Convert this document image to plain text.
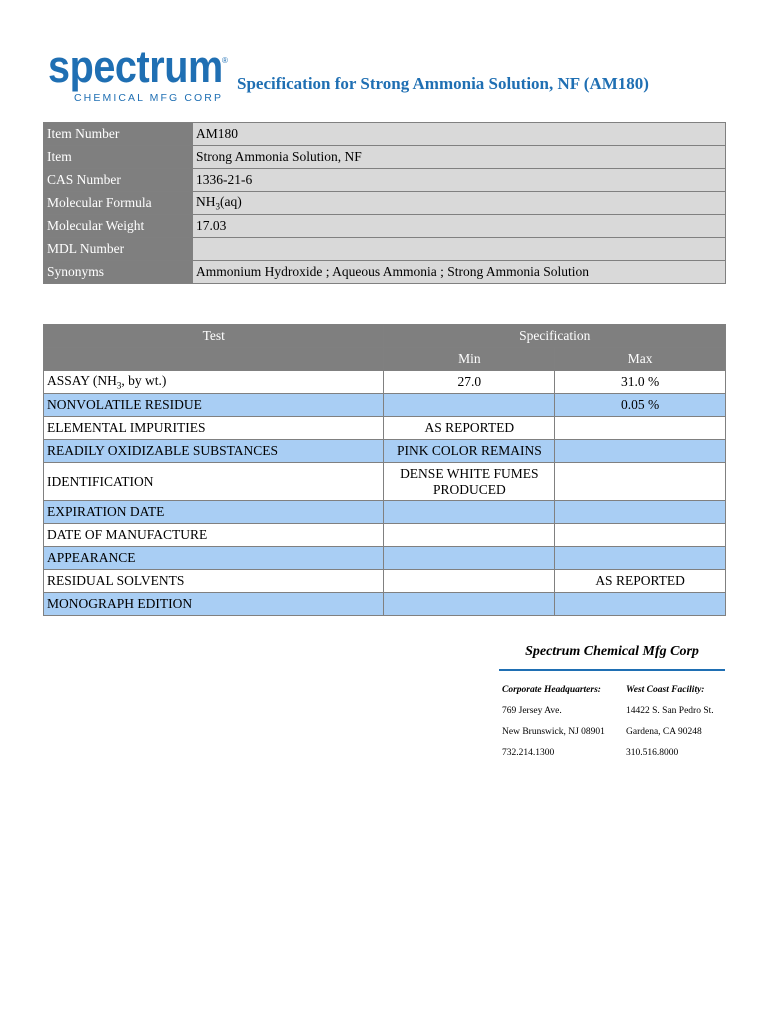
spectrum ®
CHEMICAL MFG CORP
Specification for Strong Ammonia Solution, NF (AM180)
Item Number	AM180
Item	Strong Ammonia Solution, NF
CAS Number	1336-21-6
Molecular Formula	$NH_3(aq)$
Molecular Weight	17.03
MDL Number	
Synonyms	Ammonium Hydroxide ; Aqueous Ammonia ; Strong Ammonia Solution
Test	Specification	
	Min	Max
ASSAY ($NH_3$, by wt.)	27.0	31.0 %
NONVOLATILE RESIDUE		0.05 %
ELEMENTAL IMPURITIES	AS REPORTED	
READILY OXIDIZABLE SUBSTANCES	PINK COLOR REMAINS	
IDENTIFICATION	DENSE WHITE FUMES
PRODUCED	

EXPIRATION DATE		
DATE OF MANUFACTURE		
APPEARANCE		
RESIDUAL SOLVENTS		AS REPORTED
MONOGRAPH EDITION		
Spectrum Chemical Mfg Corp
Corporate Headquarters:
769 Jersey Ave.
New Brunswick, NJ 08901
732.214.1300
West Coast Facility:
14422 S. San Pedro St.
Gardena, CA 90248
310.516.8000
